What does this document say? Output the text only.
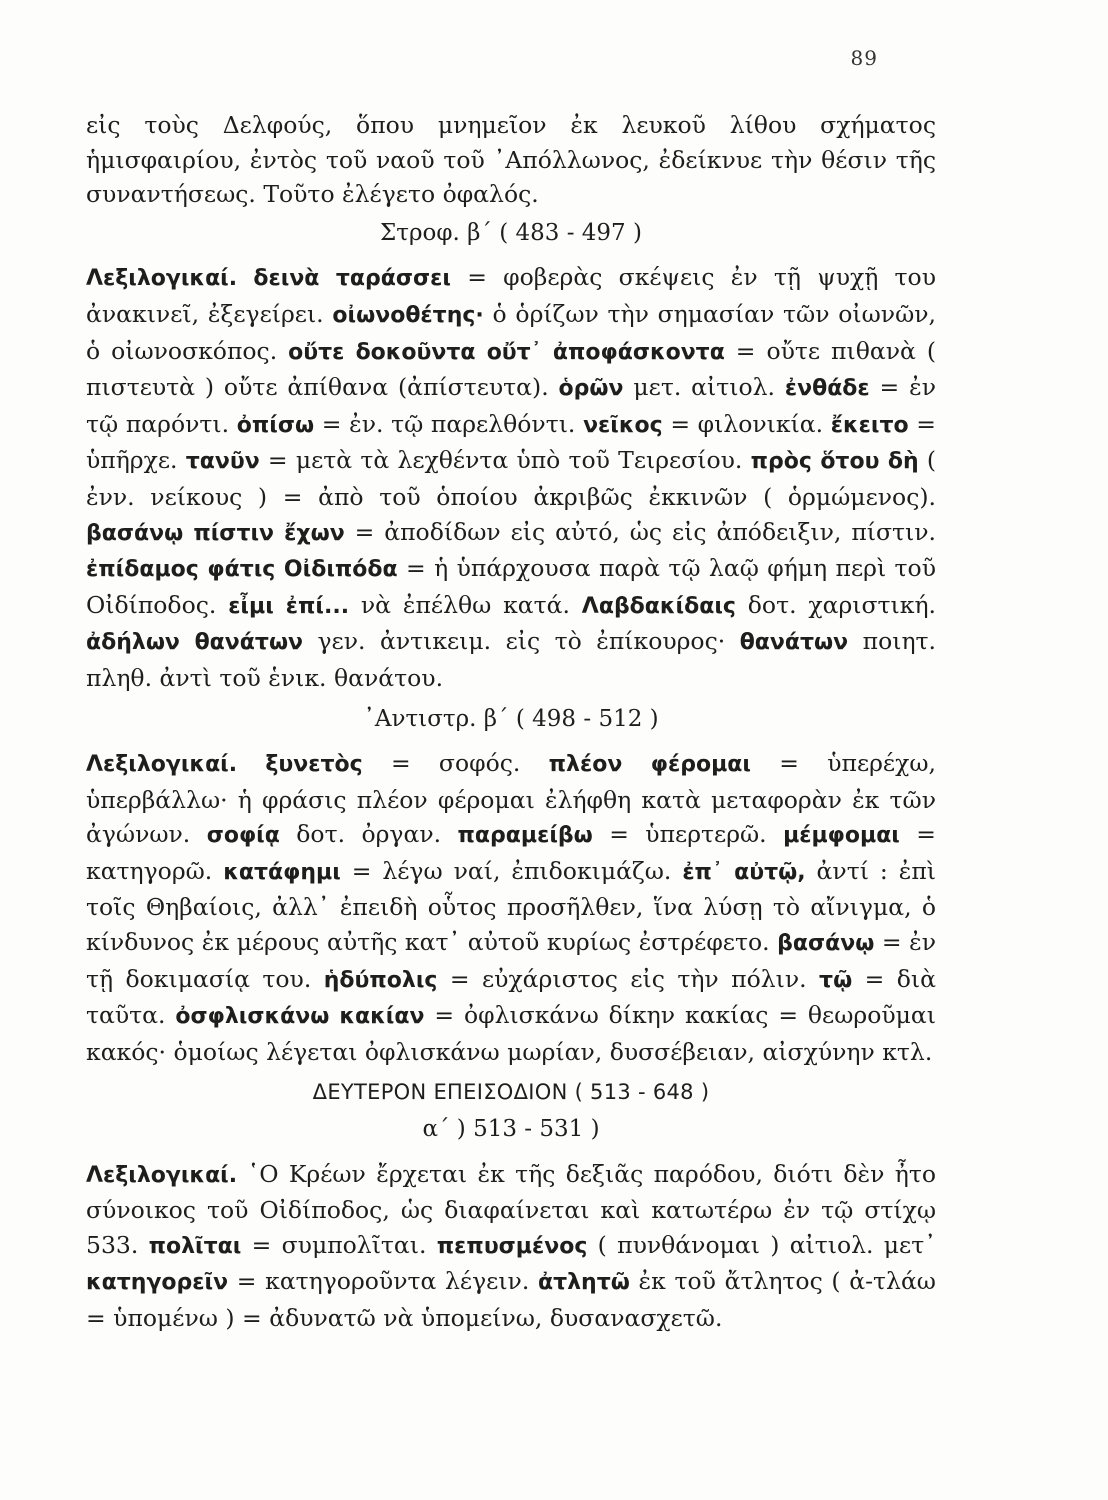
89

εἰς τοὺς Δελφούς, ὅπου μνημεῖον ἐκ λευκοῦ λίθου σχήματος ἡμισφαιρίου, ἐντὸς τοῦ ναοῦ τοῦ ᾿Απόλλωνος, ἐδείκνυε τὴν θέσιν τῆς συναντήσεως. Τοῦτο ἐλέγετο ὀφαλός.

Στροφ. β΄ ( 483 - 497 )

Λεξιλογικαί. δεινὰ ταράσσει = φοβερὰς σκέψεις ἐν τῇ ψυχῇ του ἀνακινεῖ, ἐξεγείρει. οἰωνοθέτης· ὁ ὁρίζων τὴν σημασίαν τῶν οἰωνῶν, ὁ οἰωνοσκόπος. οὔτε δοκοῦντα οὔτ᾿ ἀποφάσκοντα = οὔτε πιθανὰ ( πιστευτὰ ) οὔτε ἀπίθανα (ἀπίστευτα). ὁρῶν μετ. αἰτιολ. ἐνθάδε = ἐν τῷ παρόντι. ὀπίσω = ἐν. τῷ παρελθόντι. νεῖκος = φιλονικία. ἔκειτο = ὑπῆρχε. τανῦν = μετὰ τὰ λεχθέντα ὑπὸ τοῦ Τειρεσίου. πρὸς ὅτου δὴ ( ἐνν. νείκους ) = ἀπὸ τοῦ ὁποίου ἀκριβῶς ἐκκινῶν ( ὁρμώμενος). βασάνῳ πίστιν ἔχων = ἀποδίδων εἰς αὐτό, ὡς εἰς ἀπόδειξιν, πίστιν. ἐπίδαμος φάτις Οἰδιπόδα = ἡ ὑπάρχουσα παρὰ τῷ λαῷ φήμη περὶ τοῦ Οἰδίποδος. εἶμι ἐπί... νὰ ἐπέλθω κατά. Λαβδακίδαις δοτ. χαριστική. ἀδήλων θανάτων γεν. ἀντικειμ. εἰς τὸ ἐπίκουρος· θανάτων ποιητ. πληθ. ἀντὶ τοῦ ἑνικ. θανάτου.

᾿Αντιστρ. β΄ ( 498 - 512 )

Λεξιλογικαί. ξυνετὸς = σοφός. πλέον φέρομαι = ὑπερέχω, ὑπερβάλλω· ἡ φράσις πλέον φέρομαι ἐλήφθη κατὰ μεταφορὰν ἐκ τῶν ἀγώνων. σοφίᾳ δοτ. ὀργαν. παραμείβω = ὑπερτερῶ. μέμφομαι = κατηγορῶ. κατάφημι = λέγω ναί, ἐπιδοκιμάζω. ἐπ᾿ αὐτῷ, ἀντί : ἐπὶ τοῖς Θηβαίοις, ἀλλ᾿ ἐπειδὴ οὗτος προσῆλθεν, ἵνα λύσῃ τὸ αἴνιγμα, ὁ κίνδυνος ἐκ μέρους αὐτῆς κατ᾿ αὐτοῦ κυρίως ἐστρέφετο. βασάνῳ = ἐν τῇ δοκιμασίᾳ του. ἡδύπολις = εὐχάριστος εἰς τὴν πόλιν. τῷ = διὰ ταῦτα. ὀσφλισκάνω κακίαν = ὀφλισκάνω δίκην κακίας = θεωροῦμαι κακός· ὁμοίως λέγεται ὀφλισκάνω μωρίαν, δυσσέβειαν, αἰσχύνην κτλ.

ΔΕΥΤΕΡΟΝ ΕΠΕΙΣΟΔΙΟΝ ( 513 - 648 )

α΄ ) 513 - 531 )

Λεξιλογικαί. ῾Ο Κρέων ἔρχεται ἐκ τῆς δεξιᾶς παρόδου, διότι δὲν ἦτο σύνοικος τοῦ Οἰδίποδος, ὡς διαφαίνεται καὶ κατωτέρω ἐν τῷ στίχῳ 533. πολῖται = συμπολῖται. πεπυσμένος ( πυνθάνομαι ) αἰτιολ. μετ᾿ κατηγορεῖν = κατηγοροῦντα λέγειν. ἀτλητῶ ἐκ τοῦ ἄτλητος ( ἀ-τλάω = ὑπομένω ) = ἀδυνατῶ νὰ ὑπομείνω, δυσανασχετῶ.
